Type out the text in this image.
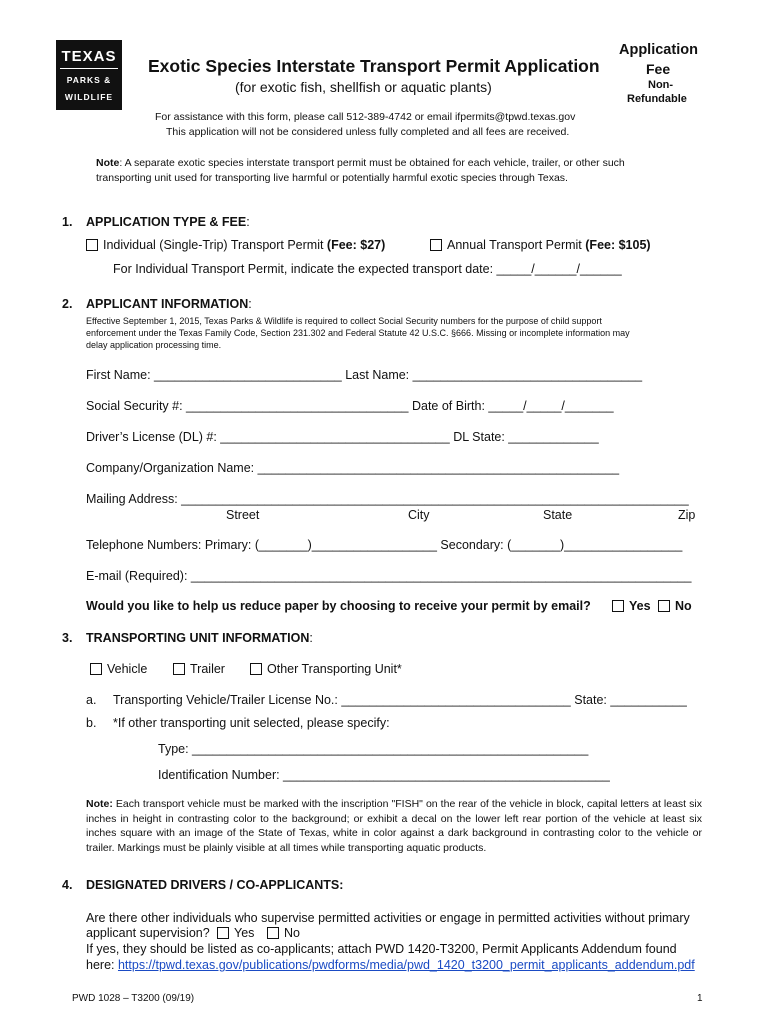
TEXAS
PARKS &
WILDLIFE
Exotic Species Interstate Transport Permit Application
(for exotic fish, shellfish or aquatic plants)
Application
Fee
Non-
Refundable
For assistance with this form, please call 512-389-4742 or email ifpermits@tpwd.texas.gov
This application will not be considered unless fully completed and all fees are received.
Note: A separate exotic species interstate transport permit must be obtained for each vehicle, trailer, or other such
transporting unit used for transporting live harmful or potentially harmful exotic species through Texas.
1. APPLICATION TYPE & FEE:
Individual (Single-Trip) Transport Permit (Fee: $27)	Annual Transport Permit (Fee: $105)
For Individual Transport Permit, indicate the expected transport date: _____/______/______
2. APPLICANT INFORMATION:
Effective September 1, 2015, Texas Parks & Wildlife is required to collect Social Security numbers for the purpose of child support
enforcement under the Texas Family Code, Section 231.302 and Federal Statute 42 U.S.C. §666. Missing or incomplete information may
delay application processing time.
First Name: ___________________________ Last Name: _________________________________
Social Security #: ________________________________ Date of Birth: _____/_____/_______
Driver’s License (DL) #: _________________________________ DL State: _____________
Company/Organization Name: ____________________________________________________
Mailing Address: _________________________________________________________________________
Street	City	State	Zip
Telephone Numbers: Primary: (_______)__________________ Secondary: (_______)_________________
E-mail (Required): ________________________________________________________________________
Would you like to help us reduce paper by choosing to receive your permit by email?	Yes	No
3. TRANSPORTING UNIT INFORMATION:
Vehicle	Trailer	Other Transporting Unit*
a. Transporting Vehicle/Trailer License No.: _________________________________ State: ___________
b. *If other transporting unit selected, please specify:
Type: _________________________________________________________
Identification Number: _______________________________________________
Note: Each transport vehicle must be marked with the inscription "FISH" on the rear of the vehicle in block, capital letters at least six inches in height in contrasting color to the background; or exhibit a decal on the lower left rear portion of the vehicle at least six inches square with an image of the State of Texas, white in color against a dark background in contrasting color to the vehicle or trailer. Markings must be plainly visible at all times while transporting aquatic products.
4. DESIGNATED DRIVERS / CO-APPLICANTS:
Are there other individuals who supervise permitted activities or engage in permitted activities without primary
applicant supervision?	Yes	No
If yes, they should be listed as co-applicants; attach PWD 1420-T3200, Permit Applicants Addendum found
here: https://tpwd.texas.gov/publications/pwdforms/media/pwd_1420_t3200_permit_applicants_addendum.pdf
PWD 1028 – T3200 (09/19)	1
